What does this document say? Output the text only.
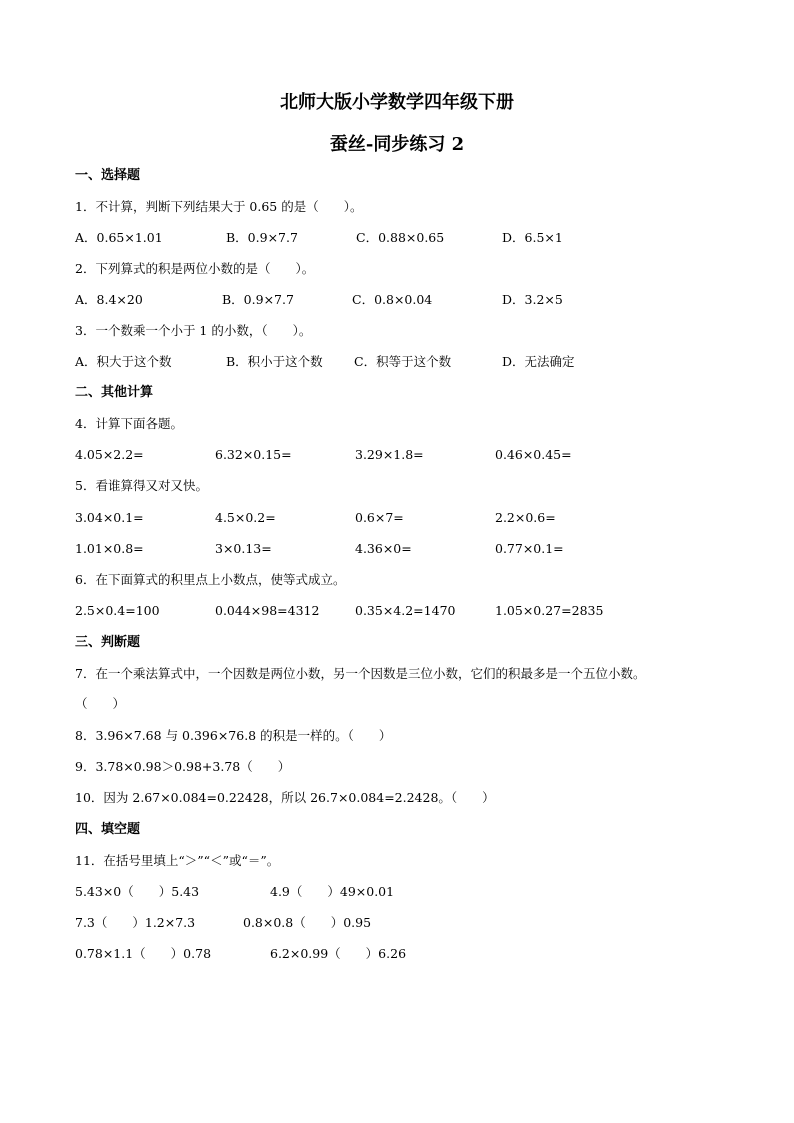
北师大版小学数学四年级下册
蚕丝-同步练习 2
一、选择题
1．不计算，判断下列结果大于 0.65 的是（　　）。
A．0.65×1.01	B．0.9×7.7	C．0.88×0.65	D．6.5×1
2．下列算式的积是两位小数的是（　　）。
A．8.4×20	B．0.9×7.7	C．0.8×0.04	D．3.2×5
3．一个数乘一个小于 1 的小数，（　　）。
A．积大于这个数	B．积小于这个数	C．积等于这个数	D．无法确定
二、其他计算
4．计算下面各题。
4.05×2.2=	6.32×0.15=	3.29×1.8=	0.46×0.45=
5．看谁算得又对又快。
3.04×0.1=	4.5×0.2=	0.6×7=	2.2×0.6=
1.01×0.8=	3×0.13=	4.36×0=	0.77×0.1=
6．在下面算式的积里点上小数点，使等式成立。
2.5×0.4=100	0.044×98=4312	0.35×4.2=1470	1.05×0.27=2835
三、判断题
7．在一个乘法算式中，一个因数是两位小数，另一个因数是三位小数，它们的积最多是一个五位小数。
（　　）
8．3.96×7.68 与 0.396×76.8 的积是一样的。（　　）
9．3.78×0.98＞0.98+3.78（　　）
10．因为 2.67×0.084=0.22428，所以 26.7×0.084=2.2428。（　　）
四、填空题
11．在括号里填上“＞”“＜”或“＝”。
5.43×0（　　）5.43	4.9（　　）49×0.01
7.3（　　）1.2×7.3	0.8×0.8（　　）0.95
0.78×1.1（　　）0.78	6.2×0.99（　　）6.26
